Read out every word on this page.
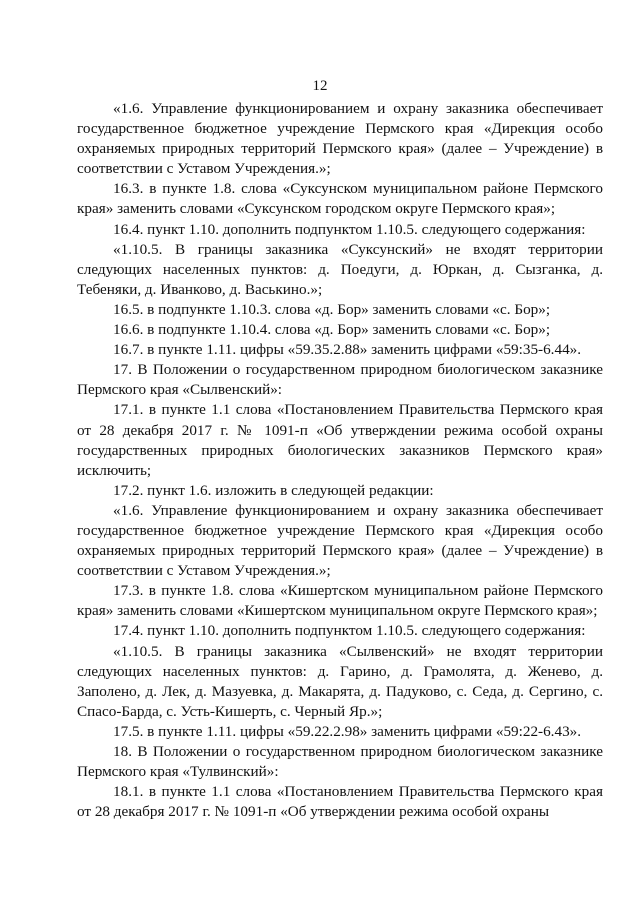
12

«1.6. Управление функционированием и охрану заказника обеспечивает государственное бюджетное учреждение Пермского края «Дирекция особо охраняемых природных территорий Пермского края» (далее – Учреждение) в соответствии с Уставом Учреждения.»;

16.3. в пункте 1.8. слова «Суксунском муниципальном районе Пермского края» заменить словами «Суксунском городском округе Пермского края»;

16.4. пункт 1.10. дополнить подпунктом 1.10.5. следующего содержания:

«1.10.5. В границы заказника «Суксунский» не входят территории следующих населенных пунктов: д. Поедуги, д. Юркан, д. Сызганка, д. Тебеняки, д. Иванково, д. Васькино.»;

16.5. в подпункте 1.10.3. слова «д. Бор» заменить словами «с. Бор»;

16.6. в подпункте 1.10.4. слова «д. Бор» заменить словами «с. Бор»;

16.7. в пункте 1.11. цифры «59.35.2.88» заменить цифрами «59:35-6.44».

17. В Положении о государственном природном биологическом заказнике Пермского края «Сылвенский»:

17.1. в пункте 1.1 слова «Постановлением Правительства Пермского края от 28 декабря 2017 г. № 1091-п «Об утверждении режима особой охраны государственных природных биологических заказников Пермского края» исключить;

17.2. пункт 1.6. изложить в следующей редакции:

«1.6. Управление функционированием и охрану заказника обеспечивает государственное бюджетное учреждение Пермского края «Дирекция особо охраняемых природных территорий Пермского края» (далее – Учреждение) в соответствии с Уставом Учреждения.»;

17.3. в пункте 1.8. слова «Кишертском муниципальном районе Пермского края» заменить словами «Кишертском муниципальном округе Пермского края»;

17.4. пункт 1.10. дополнить подпунктом 1.10.5. следующего содержания:

«1.10.5. В границы заказника «Сылвенский» не входят территории следующих населенных пунктов: д. Гарино, д. Грамолята, д. Женево, д. Заполено, д. Лек, д. Мазуевка, д. Макарята, д. Падуково, с. Седа, д. Сергино, с. Спасо-Барда, с. Усть-Кишерть, с. Черный Яр.»;

17.5. в пункте 1.11. цифры «59.22.2.98» заменить цифрами «59:22-6.43».

18. В Положении о государственном природном биологическом заказнике Пермского края «Тулвинский»:

18.1. в пункте 1.1 слова «Постановлением Правительства Пермского края от 28 декабря 2017 г. № 1091-п «Об утверждении режима особой охраны
